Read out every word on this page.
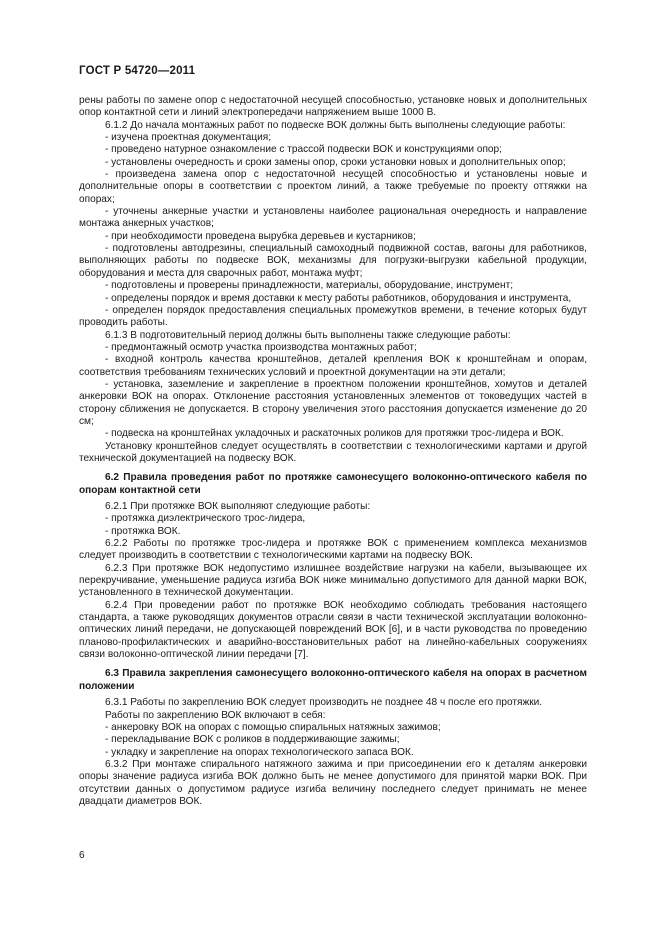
ГОСТ Р 54720—2011

рены работы по замене опор с недостаточной несущей способностью, установке новых и дополнительных опор контактной сети и линий электропередачи напряжением выше 1000 В.

6.1.2 До начала монтажных работ по подвеске ВОК должны быть выполнены следующие работы:

- изучена проектная документация;

- проведено натурное ознакомление с трассой подвески ВОК и конструкциями опор;

- установлены очередность и сроки замены опор, сроки установки новых и дополнительных опор;

- произведена замена опор с недостаточной несущей способностью и установлены новые и дополнительные опоры в соответствии с проектом линий, а также требуемые по проекту оттяжки на опорах;

- уточнены анкерные участки и установлены наиболее рациональная очередность и направление монтажа анкерных участков;

- при необходимости проведена вырубка деревьев и кустарников;

- подготовлены автодрезины, специальный самоходный подвижной состав, вагоны для работников, выполняющих работы по подвеске ВОК, механизмы для погрузки-выгрузки кабельной продукции, оборудования и места для сварочных работ, монтажа муфт;

- подготовлены и проверены принадлежности, материалы, оборудование, инструмент;

- определены порядок и время доставки к месту работы работников, оборудования и инструмента,

- определен порядок предоставления специальных промежутков времени, в течение которых будут проводить работы.

6.1.3 В подготовительный период должны быть выполнены также следующие работы:

- предмонтажный осмотр участка производства монтажных работ;

- входной контроль качества кронштейнов, деталей крепления ВОК к кронштейнам и опорам, соответствия требованиям технических условий и проектной документации на эти детали;

- установка, заземление и закрепление в проектном положении кронштейнов, хомутов и деталей анкеровки ВОК на опорах. Отклонение расстояния установленных элементов от токоведущих частей в сторону сближения не допускается. В сторону увеличения этого расстояния допускается изменение до 20 см;

- подвеска на кронштейнах укладочных и раскаточных роликов для протяжки трос-лидера и ВОК.

Установку кронштейнов следует осуществлять в соответствии с технологическими картами и другой технической документацией на подвеску ВОК.

6.2 Правила проведения работ по протяжке самонесущего волоконно-оптического кабеля по опорам контактной сети

6.2.1 При протяжке ВОК выполняют следующие работы:

- протяжка диэлектрического трос-лидера,

- протяжка ВОК.

6.2.2 Работы по протяжке трос-лидера и протяжке ВОК с применением комплекса механизмов следует производить в соответствии с технологическими картами на подвеску ВОК.

6.2.3 При протяжке ВОК недопустимо излишнее воздействие нагрузки на кабели, вызывающее их перекручивание, уменьшение радиуса изгиба ВОК ниже минимально допустимого для данной марки ВОК, установленного в технической документации.

6.2.4 При проведении работ по протяжке ВОК необходимо соблюдать требования настоящего стандарта, а также руководящих документов отрасли связи в части технической эксплуатации волоконно-оптических линий передачи, не допускающей повреждений ВОК [6], и в части руководства по проведению планово-профилактических и аварийно-восстановительных работ на линейно-кабельных сооружениях связи волоконно-оптической линии передачи [7].

6.3 Правила закрепления самонесущего волоконно-оптического кабеля на опорах в расчетном положении

6.3.1 Работы по закреплению ВОК следует производить не позднее 48 ч после его протяжки.

Работы по закреплению ВОК включают в себя:

- анкеровку ВОК на опорах с помощью спиральных натяжных зажимов;

- перекладывание ВОК с роликов в поддерживающие зажимы;

- укладку и закрепление на опорах технологического запаса ВОК.

6.3.2 При монтаже спирального натяжного зажима и при присоединении его к деталям анкеровки опоры значение радиуса изгиба ВОК должно быть не менее допустимого для принятой марки ВОК. При отсутствии данных о допустимом радиусе изгиба величину последнего следует принимать не менее двадцати диаметров ВОК.

6
